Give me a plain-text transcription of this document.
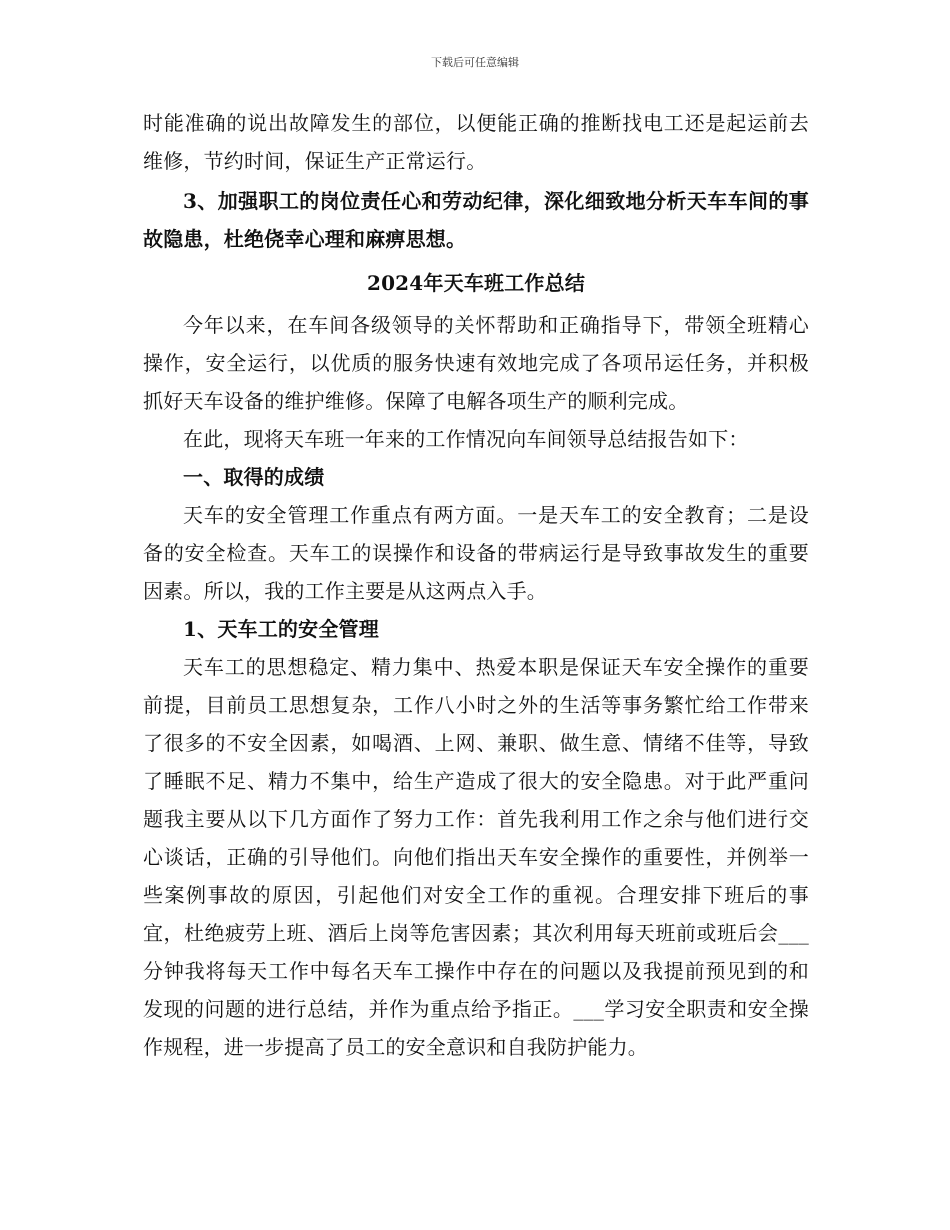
下载后可任意编辑

时能准确的说出故障发生的部位，以便能正确的推断找电工还是起运前去维修，节约时间，保证生产正常运行。

3、加强职工的岗位责任心和劳动纪律，深化细致地分析天车车间的事故隐患，杜绝侥幸心理和麻痹思想。

2024年天车班工作总结

今年以来，在车间各级领导的关怀帮助和正确指导下，带领全班精心操作，安全运行，以优质的服务快速有效地完成了各项吊运任务，并积极抓好天车设备的维护维修。保障了电解各项生产的顺利完成。

在此，现将天车班一年来的工作情况向车间领导总结报告如下：

一、取得的成绩

天车的安全管理工作重点有两方面。一是天车工的安全教育；二是设备的安全检查。天车工的误操作和设备的带病运行是导致事故发生的重要因素。所以，我的工作主要是从这两点入手。

1、天车工的安全管理

天车工的思想稳定、精力集中、热爱本职是保证天车安全操作的重要前提，目前员工思想复杂，工作八小时之外的生活等事务繁忙给工作带来了很多的不安全因素，如喝酒、上网、兼职、做生意、情绪不佳等，导致了睡眠不足、精力不集中，给生产造成了很大的安全隐患。对于此严重问题我主要从以下几方面作了努力工作：首先我利用工作之余与他们进行交心谈话，正确的引导他们。向他们指出天车安全操作的重要性，并例举一些案例事故的原因，引起他们对安全工作的重视。合理安排下班后的事宜，杜绝疲劳上班、酒后上岗等危害因素；其次利用每天班前或班后会___分钟我将每天工作中每名天车工操作中存在的问题以及我提前预见到的和发现的问题的进行总结，并作为重点给予指正。___学习安全职责和安全操作规程，进一步提高了员工的安全意识和自我防护能力。
